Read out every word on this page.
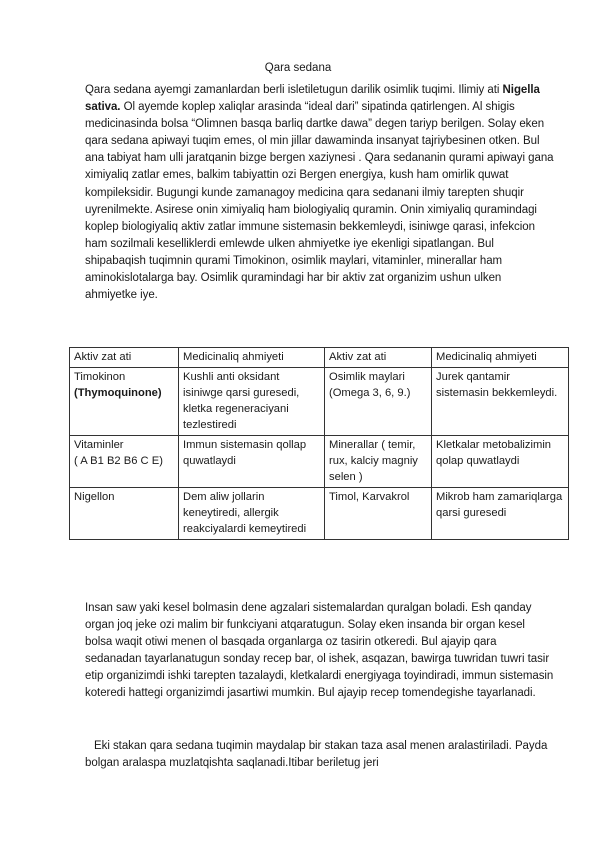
Qara sedana

Qara sedana ayemgi zamanlardan berli isletiletugun darilik osimlik tuqimi. Ilimiy ati Nigella sativa. Ol ayemde koplep xaliqlar arasinda “ideal dari” sipatinda qatirlengen. Al shigis medicinasinda bolsa “Olimnen basqa barliq dartke dawa” degen tariyp berilgen. Solay eken qara sedana apiwayi tuqim emes, ol min jillar dawaminda insanyat tajriybesinen otken. Bul ana tabiyat ham ulli jaratqanin bizge bergen xaziynesi . Qara sedananin qurami apiwayi gana ximiyaliq zatlar emes, balkim tabiyattin ozi Bergen energiya, kush ham omirlik quwat kompileksidir. Bugungi kunde zamanagoy medicina qara sedanani ilmiy tarepten shuqir uyrenilmekte. Asirese onin ximiyaliq ham biologiyaliq quramin. Onin ximiyaliq quramindagi koplep biologiyaliq aktiv zatlar immune sistemasin bekkemleydi, isiniwge qarasi, infekcion ham sozilmali keselliklerdi emlewde ulken ahmiyetke iye ekenligi sipatlangan. Bul shipabaqish tuqimnin qurami Timokinon, osimlik maylari, vitaminler, minerallar ham aminokislotalarga bay. Osimlik quramindagi har bir aktiv zat organizim ushun ulken ahmiyetke iye.

Aktiv zat ati	Medicinaliq ahmiyeti	Aktiv zat ati	Medicinaliq ahmiyeti
Timokinon
(Thymoquinone)	Kushli anti oksidant isiniwge qarsi guresedi, kletka regeneraciyani tezlestiredi	Osimlik maylari (Omega 3, 6, 9.)	Jurek qantamir sistemasin bekkemleydi.
Vitaminler
( A B1 B2 B6 C E)	Immun sistemasin qollap quwatlaydi	Minerallar ( temir, rux, kalciy magniy selen )	Kletkalar metobalizimin qolap quwatlaydi
Nigellon	Dem aliw jollarin keneytiredi, allergik reakciyalardi kemeytiredi	Timol, Karvakrol	Mikrob ham zamariqlarga qarsi guresedi

Insan saw yaki kesel bolmasin dene agzalari sistemalardan quralgan boladi. Esh qanday organ joq jeke ozi malim bir funkciyani atqaratugun. Solay eken insanda bir organ kesel bolsa waqit otiwi menen ol basqada organlarga oz tasirin otkeredi. Bul ajayip qara sedanadan tayarlanatugun sonday recep bar, ol ishek, asqazan, bawirga tuwridan tuwri tasir etip organizimdi ishki tarepten tazalaydi, kletkalardi energiyaga toyindiradi, immun sistemasin koteredi hattegi organizimdi jasartiwi mumkin. Bul ajayip recep tomendegishe tayarlanadi.

Eki stakan qara sedana tuqimin maydalap bir stakan taza asal menen aralastiriladi. Payda bolgan aralaspa muzlatqishta saqlanadi.Itibar beriletug jeri
